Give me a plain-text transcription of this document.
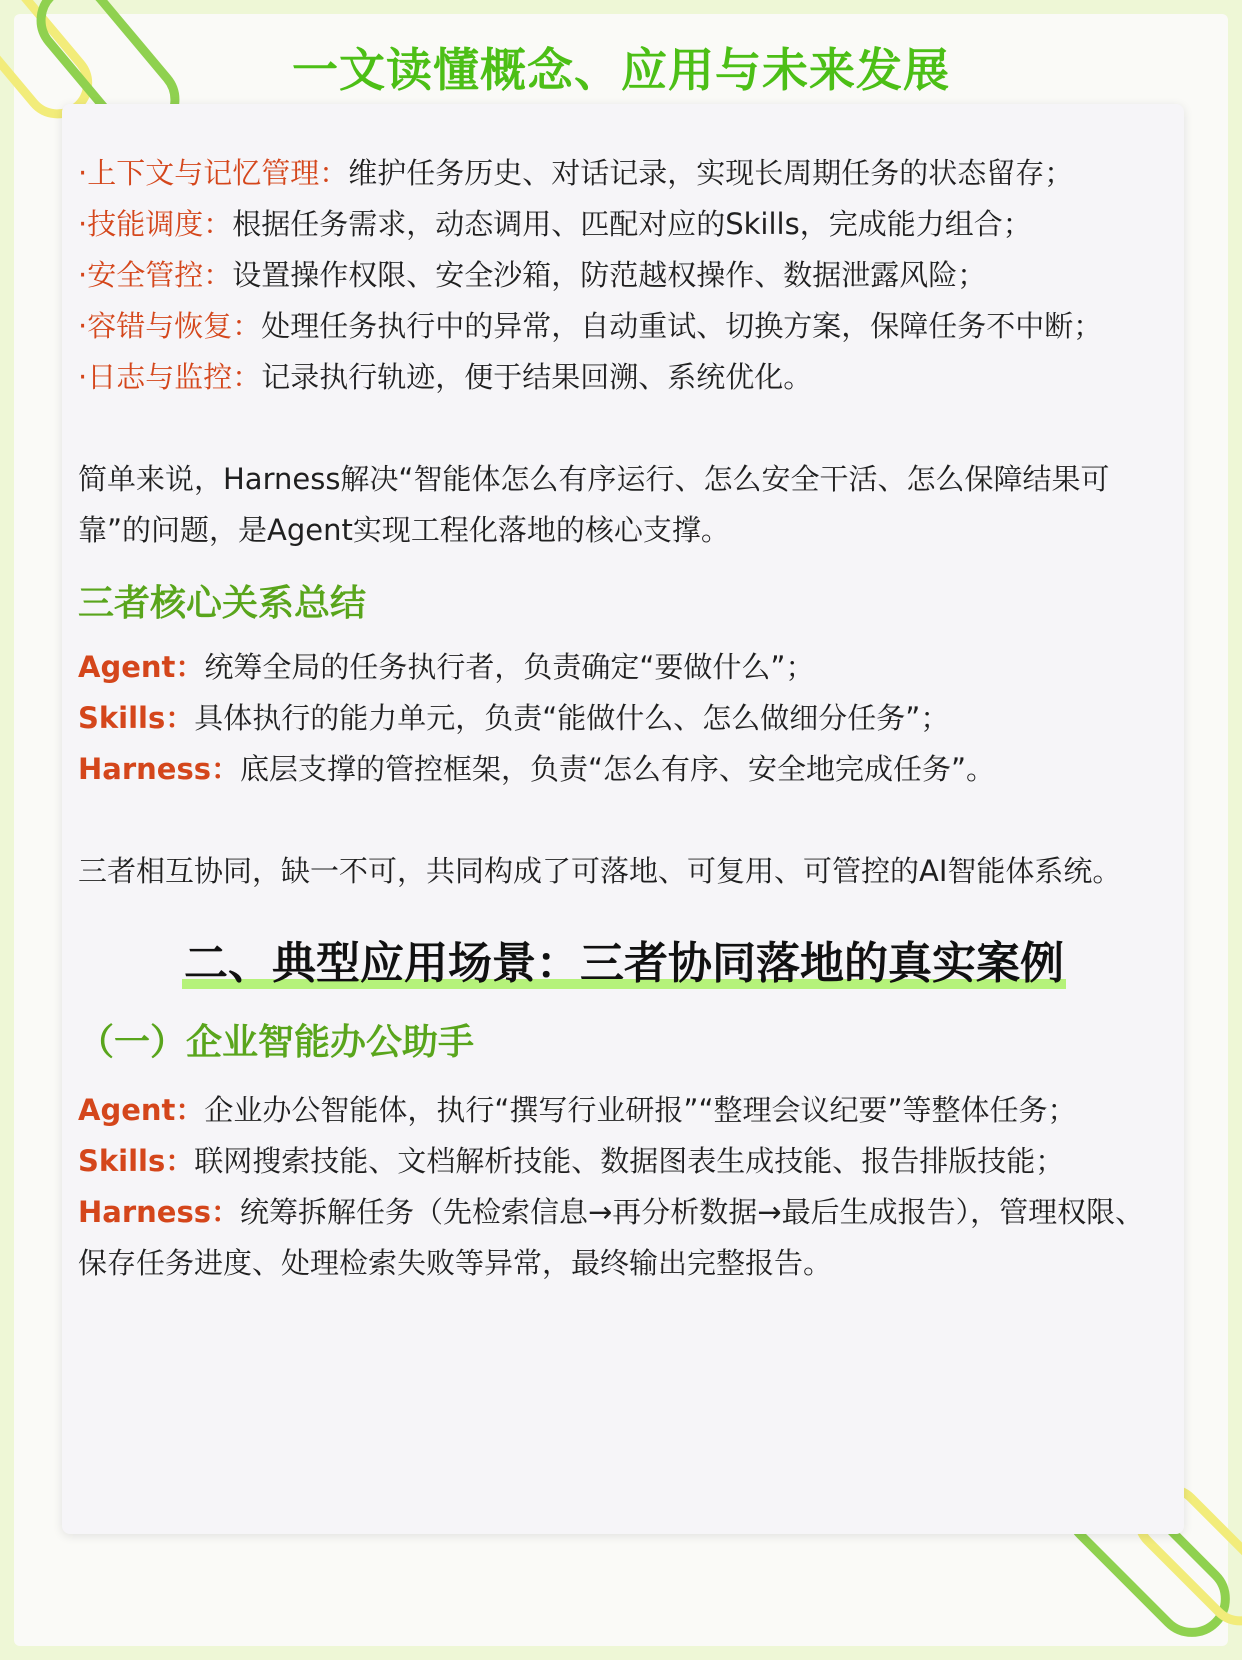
一文读懂概念、应用与未来发展

·上下文与记忆管理：维护任务历史、对话记录，实现长周期任务的状态留存；

·技能调度：根据任务需求，动态调用、匹配对应的Skills，完成能力组合；

·安全管控：设置操作权限、安全沙箱，防范越权操作、数据泄露风险；

·容错与恢复：处理任务执行中的异常，自动重试、切换方案，保障任务不中断；

·日志与监控：记录执行轨迹，便于结果回溯、系统优化。

简单来说，Harness解决“智能体怎么有序运行、怎么安全干活、怎么保障结果可靠”的问题，是Agent实现工程化落地的核心支撑。

三者核心关系总结

Agent：统筹全局的任务执行者，负责确定“要做什么”；

Skills：具体执行的能力单元，负责“能做什么、怎么做细分任务”；

Harness：底层支撑的管控框架，负责“怎么有序、安全地完成任务”。

三者相互协同，缺一不可，共同构成了可落地、可复用、可管控的AI智能体系统。

二、典型应用场景：三者协同落地的真实案例
（一）企业智能办公助手

Agent：企业办公智能体，执行“撰写行业研报”“整理会议纪要”等整体任务；

Skills：联网搜索技能、文档解析技能、数据图表生成技能、报告排版技能；

Harness：统筹拆解任务（先检索信息→再分析数据→最后生成报告），管理权限、保存任务进度、处理检索失败等异常，最终输出完整报告。
